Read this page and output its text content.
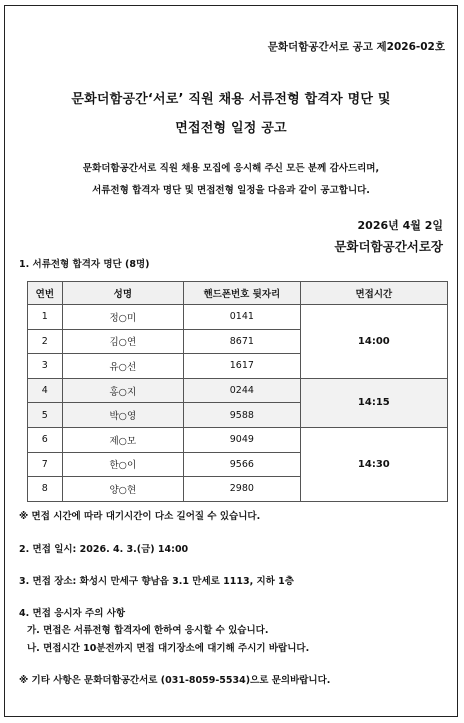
문화더함공간서로 공고 제2026-02호
문화더함공간‘서로’ 직원 채용 서류전형 합격자 명단 및
면접전형 일정 공고
문화더함공간서로 직원 채용 모집에 응시해 주신 모든 분께 감사드리며,
서류전형 합격자 명단 및 면접전형 일정을 다음과 같이 공고합니다.
2026년 4월 2일
문화더함공간서로장
1. 서류전형 합격자 명단 (8명)
연번	성명	핸드폰번호 뒷자리	면접시간
1	정○미	0141	14:00
2	김○연	8671	
3	유○선	1617	
4	홍○지	0244	14:15
5	박○영	9588	
6	제○모	9049	14:30
7	한○이	9566	
8	양○현	2980	
※ 면접 시간에 따라 대기시간이 다소 길어질 수 있습니다.
2. 면접 일시: 2026. 4. 3.(금) 14:00
3. 면접 장소: 화성시 만세구 향남읍 3.1 만세로 1113, 지하 1층
4. 면접 응시자 주의 사항
가. 면접은 서류전형 합격자에 한하여 응시할 수 있습니다.
나. 면접시간 10분전까지 면접 대기장소에 대기해 주시기 바랍니다.
※ 기타 사항은 문화더함공간서로 (031-8059-5534)으로 문의바랍니다.
